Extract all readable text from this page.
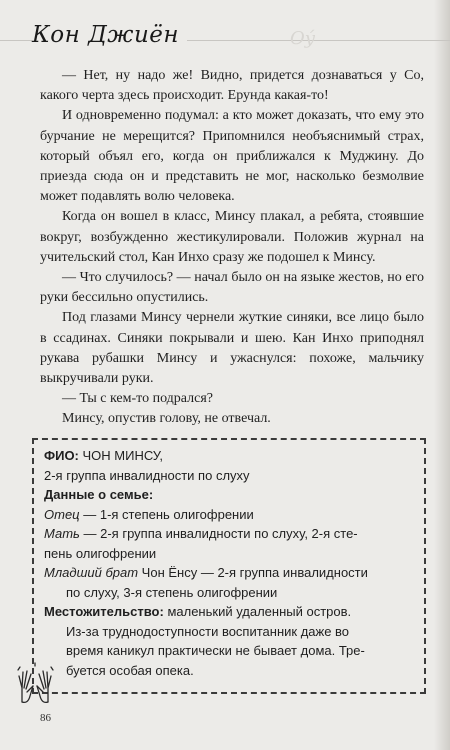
Оу́
Кон Джиён

— Нет, ну надо же! Видно, придется дознаваться у Со, какого черта здесь происходит. Ерунда какая-то!

И одновременно подумал: а кто может доказать, что ему это бурчание не мерещится? Припомнился необъяснимый страх, который объял его, когда он приближался к Муджину. До приезда сюда он и представить не мог, насколько безмолвие может подавлять волю человека.

Когда он вошел в класс, Минсу плакал, а ребята, стоявшие вокруг, возбужденно жестикулировали. Положив журнал на учительский стол, Кан Инхо сразу же подошел к Минсу.

— Что случилось? — начал было он на языке жестов, но его руки бессильно опустились.

Под глазами Минсу чернели жуткие синяки, все лицо было в ссадинах. Синяки покрывали и шею. Кан Инхо приподнял рукава рубашки Минсу и ужаснулся: похоже, мальчику выкручивали руки.

— Ты с кем-то подрался?

Минсу, опустив голову, не отвечал.

ФИО: ЧОН МИНСУ,
2-я группа инвалидности по слуху
Данные о семье:
Отец — 1-я степень олигофрении
Мать — 2-я группа инвалидности по слуху, 2-я сте-
пень олигофрении
Младший брат Чон Ёнсу — 2-я группа инвалидности
по слуху, 3-я степень олигофрении
Местожительство: маленький удаленный остров.
Из-за труднодоступности воспитанник даже во
время каникул практически не бывает дома. Тре-
буется особая опека.
86
